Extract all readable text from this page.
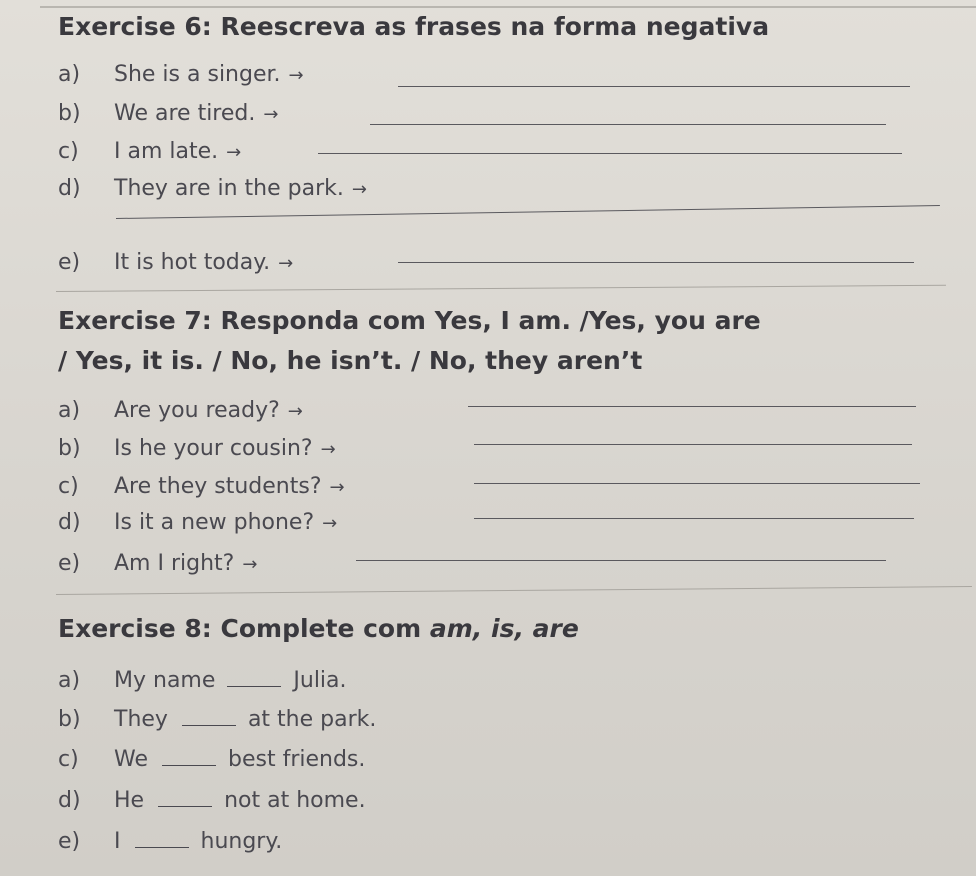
Exercise 6: Reescreva as frases na forma negativa
a) She is a singer. →
b) We are tired. →
c) I am late. →
d) They are in the park. →
e) It is hot today. →
Exercise 7: Responda com Yes, I am. /Yes, you are
/ Yes, it is. / No, he isn’t. / No, they aren’t
a) Are you ready? →
b) Is he your cousin? →
c) Are they students? →
d) Is it a new phone? →
e) Am I right? →
Exercise 8: Complete com am, is, are
a) My name	Julia.
b) They	at the park.
c) We	best friends.
d) He	not at home.
e) I	hungry.
